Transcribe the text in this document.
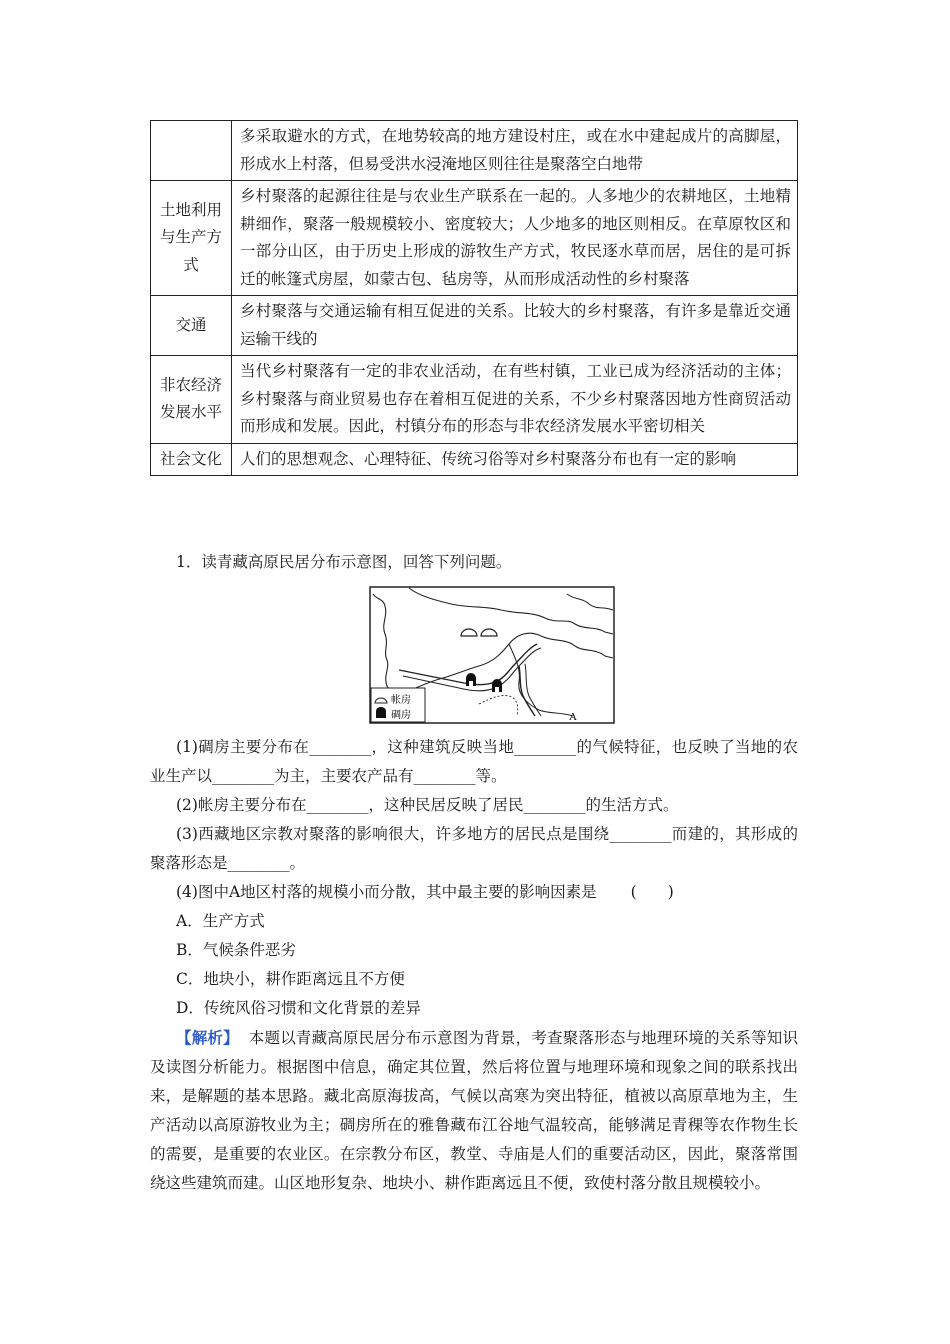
	多采取避水的方式，在地势较高的地方建设村庄，或在水中建起成片的高脚屋，形成水上村落，但易受洪水浸淹地区则往往是聚落空白地带
土地利用与生产方式	乡村聚落的起源往往是与农业生产联系在一起的。人多地少的农耕地区，土地精耕细作，聚落一般规模较小、密度较大；人少地多的地区则相反。在草原牧区和一部分山区，由于历史上形成的游牧生产方式，牧民逐水草而居，居住的是可拆迁的帐篷式房屋，如蒙古包、毡房等，从而形成活动性的乡村聚落
交通	乡村聚落与交通运输有相互促进的关系。比较大的乡村聚落，有许多是靠近交通运输干线的
非农经济发展水平	当代乡村聚落有一定的非农业活动，在有些村镇，工业已成为经济活动的主体；乡村聚落与商业贸易也存在着相互促进的关系，不少乡村聚落因地方性商贸活动而形成和发展。因此，村镇分布的形态与非农经济发展水平密切相关
社会文化	人们的思想观念、心理特征、传统习俗等对乡村聚落分布也有一定的影响
1．读青藏高原民居分布示意图，回答下列问题。
帐房
碉房	A

(1)碉房主要分布在________，这种建筑反映当地________的气候特征，也反映了当地的农业生产以________为主，主要农产品有________等。

(2)帐房主要分布在________，这种民居反映了居民________的生活方式。

(3)西藏地区宗教对聚落的影响很大，许多地方的居民点是围绕________而建的，其形成的聚落形态是________。

(4)图中A地区村落的规模小而分散，其中最主要的影响因素是 (　　)

A．生产方式

B．气候条件恶劣

C．地块小，耕作距离远且不方便

D．传统风俗习惯和文化背景的差异

【解析】 本题以青藏高原民居分布示意图为背景，考查聚落形态与地理环境的关系等知识及读图分析能力。根据图中信息，确定其位置，然后将位置与地理环境和现象之间的联系找出来，是解题的基本思路。藏北高原海拔高，气候以高寒为突出特征，植被以高原草地为主，生产活动以高原游牧业为主；碉房所在的雅鲁藏布江谷地气温较高，能够满足青稞等农作物生长的需要，是重要的农业区。在宗教分布区，教堂、寺庙是人们的重要活动区，因此，聚落常围绕这些建筑而建。山区地形复杂、地块小、耕作距离远且不便，致使村落分散且规模较小。
